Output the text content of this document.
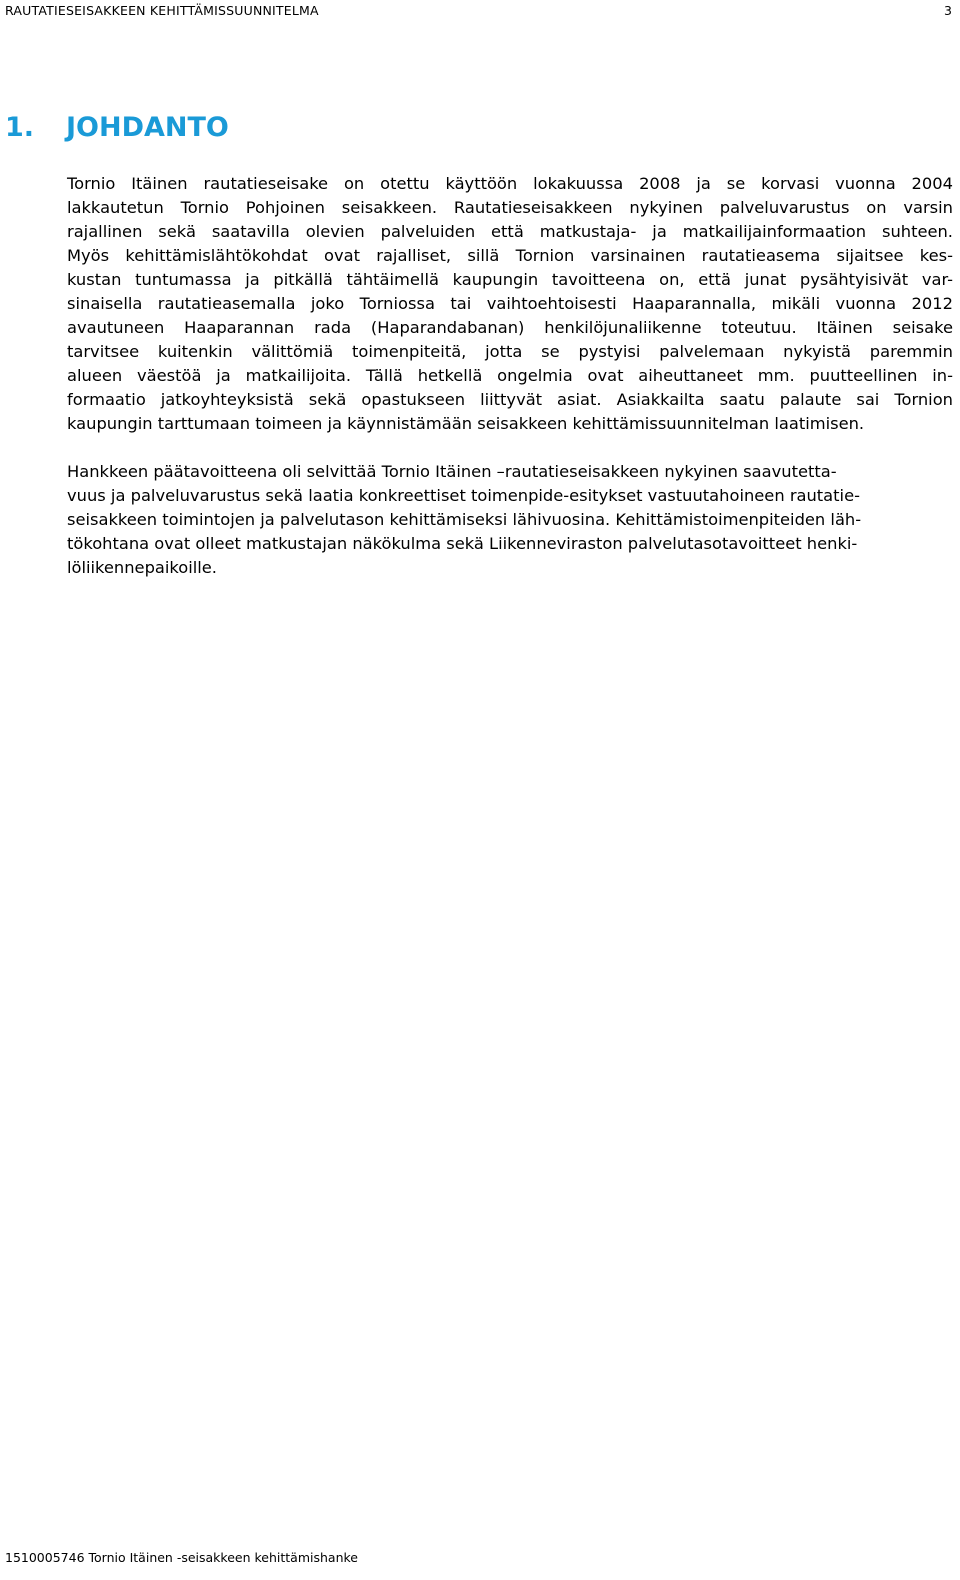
RAUTATIESEISAKKEEN KEHITTÄMISSUUNNITELMA	3
1. JOHDANTO
Tornio Itäinen rautatieseisake on otettu käyttöön lokakuussa 2008 ja se korvasi vuonna 2004
lakkautetun Tornio Pohjoinen seisakkeen. Rautatieseisakkeen nykyinen palveluvarustus on varsin
rajallinen sekä saatavilla olevien palveluiden että matkustaja- ja matkailijainformaation suhteen.
Myös kehittämislähtökohdat ovat rajalliset, sillä Tornion varsinainen rautatieasema sijaitsee kes-
kustan tuntumassa ja pitkällä tähtäimellä kaupungin tavoitteena on, että junat pysähtyisivät var-
sinaisella rautatieasemalla joko Torniossa tai vaihtoehtoisesti Haaparannalla, mikäli vuonna 2012
avautuneen Haaparannan rada (Haparandabanan) henkilöjunaliikenne toteutuu. Itäinen seisake
tarvitsee kuitenkin välittömiä toimenpiteitä, jotta se pystyisi palvelemaan nykyistä paremmin
alueen väestöä ja matkailijoita. Tällä hetkellä ongelmia ovat aiheuttaneet mm. puutteellinen in-
formaatio jatkoyhteyksistä sekä opastukseen liittyvät asiat. Asiakkailta saatu palaute sai Tornion
kaupungin tarttumaan toimeen ja käynnistämään seisakkeen kehittämissuunnitelman laatimisen.
Hankkeen päätavoitteena oli selvittää Tornio Itäinen –rautatieseisakkeen nykyinen saavutetta-
vuus ja palveluvarustus sekä laatia konkreettiset toimenpide-esitykset vastuutahoineen rautatie-
seisakkeen toimintojen ja palvelutason kehittämiseksi lähivuosina. Kehittämistoimenpiteiden läh-
tökohtana ovat olleet matkustajan näkökulma sekä Liikenneviraston palvelutasotavoitteet henki-
löliikennepaikoille.
1510005746 Tornio Itäinen -seisakkeen kehittämishanke
